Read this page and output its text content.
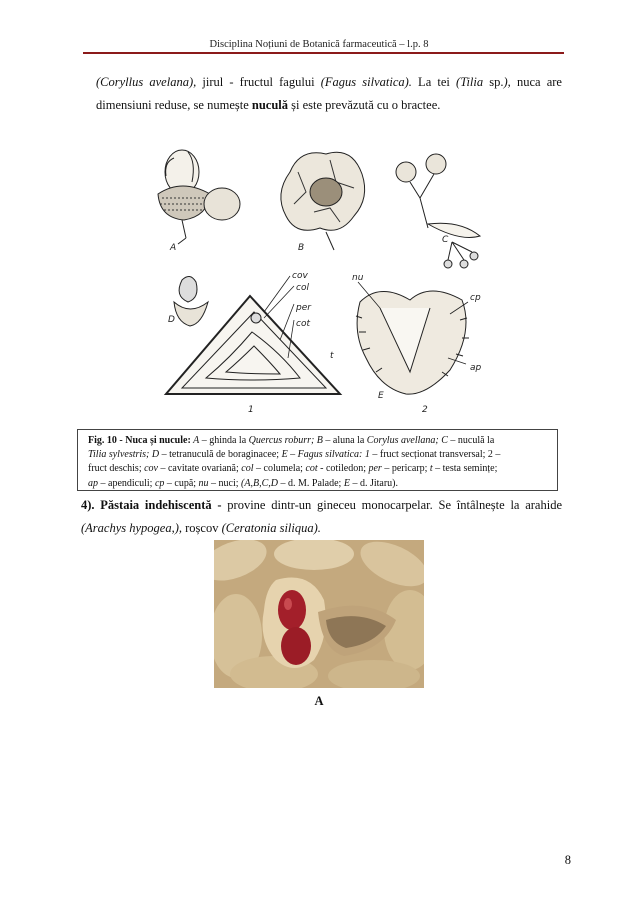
Disciplina Noțiuni de Botanică farmaceutică – l.p. 8
(Coryllus avelana), jirul - fructul fagului (Fagus silvatica). La tei (Tilia sp.), nuca are
dimensiuni reduse, se numește nuculă și este prevăzută cu o bractee.
A	B
C
D
E
1	2
cov
col
per
cot
t
nu
cp
ap
Fig. 10 - Nuca și nucule: A – ghinda la Quercus roburr; B – aluna la Corylus avellana; C – nuculă la
Tilia sylvestris; D – tetranuculă de boraginacee; E – Fagus silvatica: 1 – fruct secționat transversal; 2 –
fruct deschis; cov – cavitate ovariană; col – columela; cot - cotiledon; per – pericarp; t – testa semințe;
ap – apendiculi; cp – cupă; nu – nuci; (A,B,C,D – d. M. Palade; E – d. Jitaru).
4). Păstaia indehiscentă - provine dintr-un gineceu monocarpelar. Se întâlnește la arahide
(Arachys hypogea,), roșcov (Ceratonia siliqua).
A
8
